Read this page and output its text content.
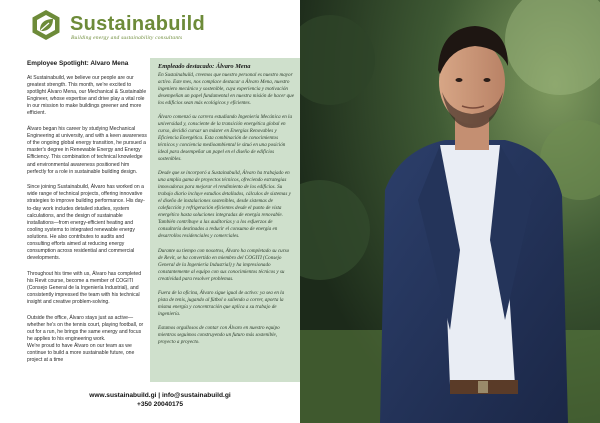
Sustainabuild
Building energy and sustainability consultants
Employee Spotlight: Alvaro Mena

At Sustainabuild, we believe our people are our greatest strength. This month, we're excited to spotlight Álvaro Mena, our Mechanical & Sustainable Engineer, whose expertise and drive play a vital role in our mission to make buildings greener and more efficient.

Álvaro began his career by studying Mechanical Engineering at university, and with a keen awareness of the ongoing global energy transition, he pursued a master's degree in Renewable Energy and Energy Efficiency. This combination of technical knowledge and environmental awareness positioned him perfectly for a role in sustainable building design.

Since joining Sustainabuild, Álvaro has worked on a wide range of technical projects, offering innovative strategies to improve building performance. His day-to-day work includes detailed studies, system calculations, and the design of sustainable installations—from energy-efficient heating and cooling systems to integrated renewable energy solutions. He also contributes to audits and consulting efforts aimed at reducing energy consumption across residential and commercial developments.

Throughout his time with us, Álvaro has completed his Revit course, become a member of COGITI (Consejo General de la Ingeniería Industrial), and consistently impressed the team with his technical insight and creative problem-solving.

Outside the office, Álvaro stays just as active—whether he's on the tennis court, playing football, or out for a run, he brings the same energy and focus he applies to his engineering work.
We're proud to have Álvaro on our team as we continue to build a more sustainable future, one project at a time

Empleado destacado: Álvaro Mena

En Sustainabuild, creemos que nuestro personal es nuestro mayor activo. Este mes, nos complace destacar a Álvaro Mena, nuestro ingeniero mecánico y sostenible, cuya experiencia y motivación desempeñan un papel fundamental en nuestra misión de hacer que los edificios sean más ecológicos y eficientes.

Álvaro comenzó su carrera estudiando Ingeniería Mecánica en la universidad y, consciente de la transición energética global en curso, decidió cursar un máster en Energías Renovables y Eficiencia Energética. Esta combinación de conocimientos técnicos y conciencia medioambiental le situó en una posición ideal para desempeñar un papel en el diseño de edificios sostenibles.

Desde que se incorporó a Sustainabuild, Álvaro ha trabajado en una amplia gama de proyectos técnicos, ofreciendo estrategias innovadoras para mejorar el rendimiento de los edificios. Su trabajo diario incluye estudios detallados, cálculos de sistemas y el diseño de instalaciones sostenibles, desde sistemas de calefacción y refrigeración eficientes desde el punto de vista energético hasta soluciones integradas de energía renovable. También contribuye a las auditorías y a los esfuerzos de consultoría destinados a reducir el consumo de energía en desarrollos residenciales y comerciales.

Durante su tiempo con nosotros, Álvaro ha completado su curso de Revit, se ha convertido en miembro del COGITI (Consejo General de la Ingeniería Industrial) y ha impresionado constantemente al equipo con sus conocimientos técnicos y su creatividad para resolver problemas.

Fuera de la oficina, Álvaro sigue igual de activo: ya sea en la pista de tenis, jugando al fútbol o saliendo a correr, aporta la misma energía y concentración que aplica a su trabajo de ingeniería.

Estamos orgullosos de contar con Álvaro en nuestro equipo mientras seguimos construyendo un futuro más sostenible, proyecto a proyecto.

www.sustainabuild.gi | info@sustainabuild.gi
+350 20040175
